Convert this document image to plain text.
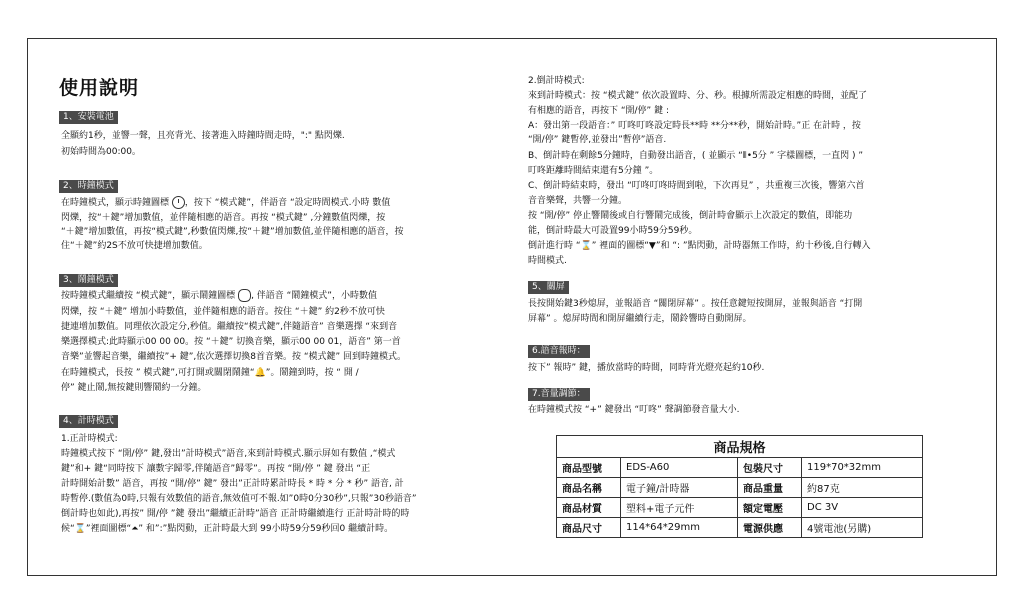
使用說明
1、安裝電池
全顯約1秒，並響一聲，且亮背光、接著進入時鐘時間走時，":" 點閃爍.
初始時間為00:00。
2、時鐘模式
在時鐘模式，顯示時鐘圖標 ，按下 “模式鍵”，伴語音 “設定時間模式.小時 數值
閃爍，按“＋鍵”增加數值，並伴隨相應的語音。再按 “模式鍵” ,分鐘數值閃爍，按
“＋鍵”增加數值，再按“模式鍵”,秒數值閃爍,按“＋鍵”增加數值,並伴隨相應的語音，按
住“＋鍵”約2S不放可快捷增加數值。
3、鬧鐘模式
按時鐘模式繼續按 “模式鍵”，顯示鬧鐘圖標 , 伴語音 “鬧鐘模式”，小時數值
閃爍，按 “＋鍵” 增加小時數值，並伴隨相應的語音。按住 “＋鍵” 約2秒不放可快
捷連增加數值。同理依次設定分,秒值。繼續按“模式鍵”,伴隨語音” 音樂選擇 “來到音
樂選擇模式:此時顯示00 00 00。按 “＋鍵” 切換音樂，顯示00 00 01，語音” 第一首
音樂”並響起音樂，繼續按”+ 鍵”,依次選擇切換8首音樂。按 “模式鍵” 回到時鐘模式。
在時鐘模式，長按 ” 模式鍵”,可打開或關閉鬧鐘“🔔”。鬧鐘到時，按 “ 開 /
停” 鍵止鬧,無按鍵則響鬧約一分鐘。
4、計時模式
1.正計時模式:
時鐘模式按下 “開/停” 鍵,發出”計時模式”語音,來到計時模式.顯示屏如有數值 ,“模式
鍵”和+ 鍵“同時按下 讓數字歸零,伴隨語音”歸零”。再按 “開/停 ” 鍵 發出 “正
計時開始計數” 語音，再按 “開/停” 鍵” 發出”正計時累計時長 * 時 * 分 * 秒” 語音, 計
時暫停.(數值為0時,只報有效數值的語音,無效值可不報.如”0時0分30秒”,只報”30秒語音”
倒計時也如此),再按” 開/停 ”鍵 發出”繼續正計時”語音 正計時繼續進行 正計時計時的時
候“⌛”裡面圖標“⏶” 和”:”點閃動，正計時最大到 99小時59分59秒回0 繼續計時。
2.倒計時模式:
來到計時模式：按 “模式鍵” 依次設置時、分、秒。根據所需設定相應的時間，並配了
有相應的語音，再按下 “開/停” 鍵 :
A：發出第一段語音：” 叮咚叮咚設定時長**時 **分**秒，開始計時。”正 在計時 ，按
“開/停” 鍵暫停,並發出”暫停”語音.
B、倒計時在剩餘5分鐘時，自動發出語音，( 並顯示 “⦀•5分 ” 字樣圖標，一直閃 ) ”
叮咚距離時間結束還有5分鐘 ”。
C、倒計時結束時，發出 “叮咚叮咚時間到啦，下次再見” ，共重複三次後，響第六首
音音樂聲，共響一分鐘。
按 “開/停” 停止響鬧後或自行響鬧完成後，倒計時會顯示上次設定的數值，即能功
能，倒計時最大可設置99小時59分59秒。
倒計進行時 “⌛” 裡面的圖標“▼”和 “: ”點閃動，計時器無工作時，約十秒後,自行轉入
時間模式.
5、關屏
長按開始鍵3秒熄屏，並報語音 “關閉屏幕” 。按任意鍵短按開屏，並報與語音 “打開
屏幕” 。熄屏時間和開屏繼續行走，鬧鈴響時自動開屏。
6.語音報時：
按下” 報時” 鍵，播放當時的時間，同時背光燈亮起約10秒.
7.音量調節：
在時鐘模式按 “+” 鍵發出 “叮咚” 聲調節發音量大小.
商品規格			
商品型號	EDS-A60	包裝尺寸	119*70*32mm
商品名稱	電子鐘/計時器	商品重量	約87克
商品材質	塑料+電子元件	額定電壓	DC 3V
商品尺寸	114*64*29mm	電源供應	4號電池(另購)
